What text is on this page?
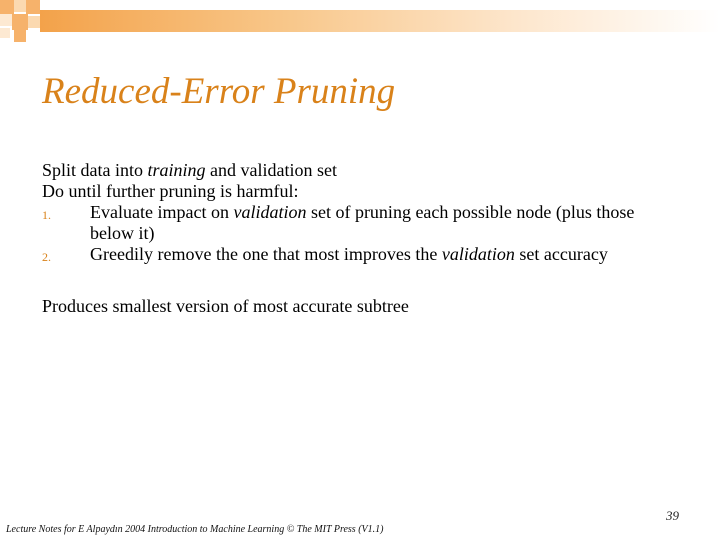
Reduced-Error Pruning
Split data into training and validation set
Do until further pruning is harmful:
1. Evaluate impact on validation set of pruning each possible node (plus those below it)
2. Greedily remove the one that most improves the validation set accuracy
Produces smallest version of most accurate subtree
39
Lecture Notes for E Alpaydın 2004 Introduction to Machine Learning © The MIT Press (V1.1)
